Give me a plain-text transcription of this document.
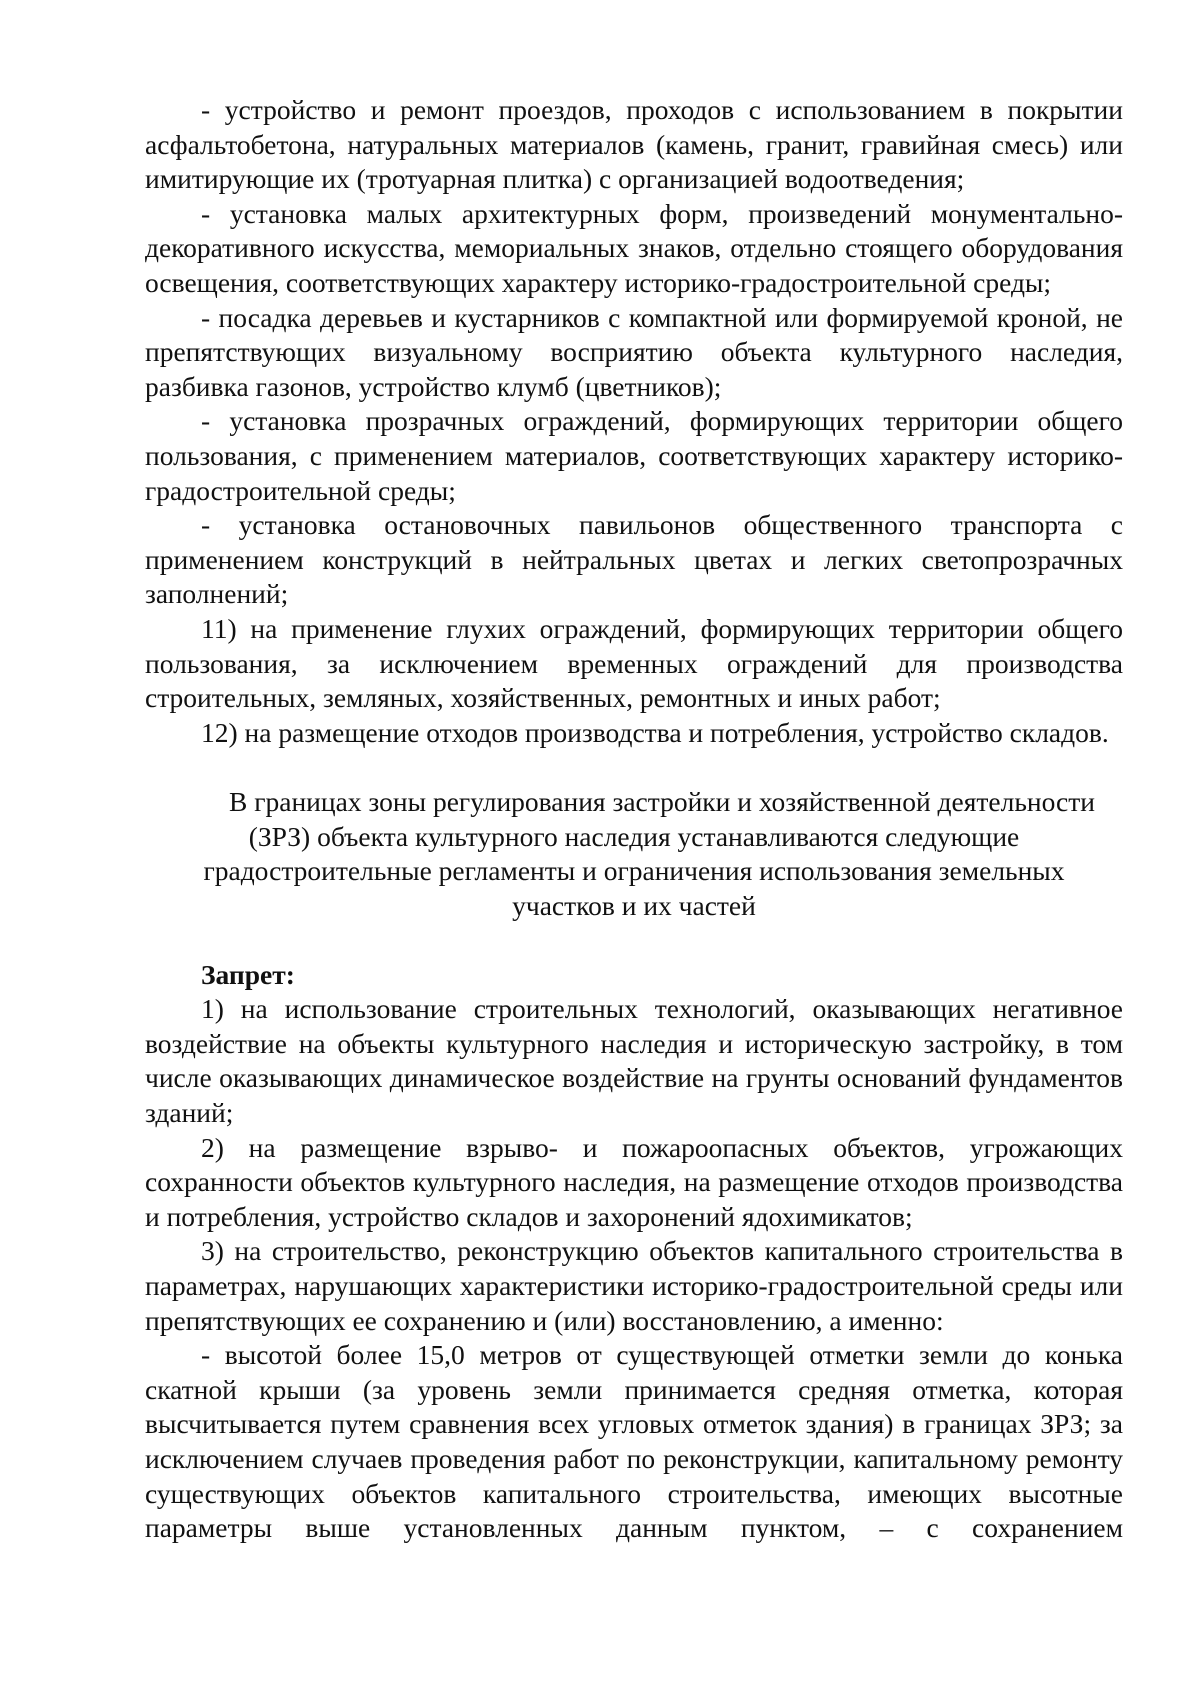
- устройство и ремонт проездов, проходов с использованием в покрытии асфальтобетона, натуральных материалов (камень, гранит, гравийная смесь) или имитирующие их (тротуарная плитка) с организацией водоотведения;

- установка малых архитектурных форм, произведений монументально-декоративного искусства, мемориальных знаков, отдельно стоящего оборудования освещения, соответствующих характеру историко-градостроительной среды;

- посадка деревьев и кустарников с компактной или формируемой кроной, не препятствующих визуальному восприятию объекта культурного наследия, разбивка газонов, устройство клумб (цветников);

- установка прозрачных ограждений, формирующих территории общего пользования, с применением материалов, соответствующих характеру историко-градостроительной среды;

- установка остановочных павильонов общественного транспорта с применением конструкций в нейтральных цветах и легких светопрозрачных заполнений;

11) на применение глухих ограждений, формирующих территории общего пользования, за исключением временных ограждений для производства строительных, земляных, хозяйственных, ремонтных и иных работ;

12) на размещение отходов производства и потребления, устройство складов.

В границах зоны регулирования застройки и хозяйственной деятельности
(ЗРЗ) объекта культурного наследия устанавливаются следующие
градостроительные регламенты и ограничения использования земельных
участков и их частей

Запрет:

1) на использование строительных технологий, оказывающих негативное воздействие на объекты культурного наследия и историческую застройку, в том числе оказывающих динамическое воздействие на грунты оснований фундаментов зданий;

2) на размещение взрыво- и пожароопасных объектов, угрожающих сохранности объектов культурного наследия, на размещение отходов производства и потребления, устройство складов и захоронений ядохимикатов;

3) на строительство, реконструкцию объектов капитального строительства в параметрах, нарушающих характеристики историко-градостроительной среды или препятствующих ее сохранению и (или) восстановлению, а именно:

- высотой более 15,0 метров от существующей отметки земли до конька скатной крыши (за уровень земли принимается средняя отметка, которая высчитывается путем сравнения всех угловых отметок здания) в границах ЗРЗ; за исключением случаев проведения работ по реконструкции, капитальному ремонту существующих объектов капитального строительства, имеющих высотные параметры выше установленных данным пунктом, – с сохранением
